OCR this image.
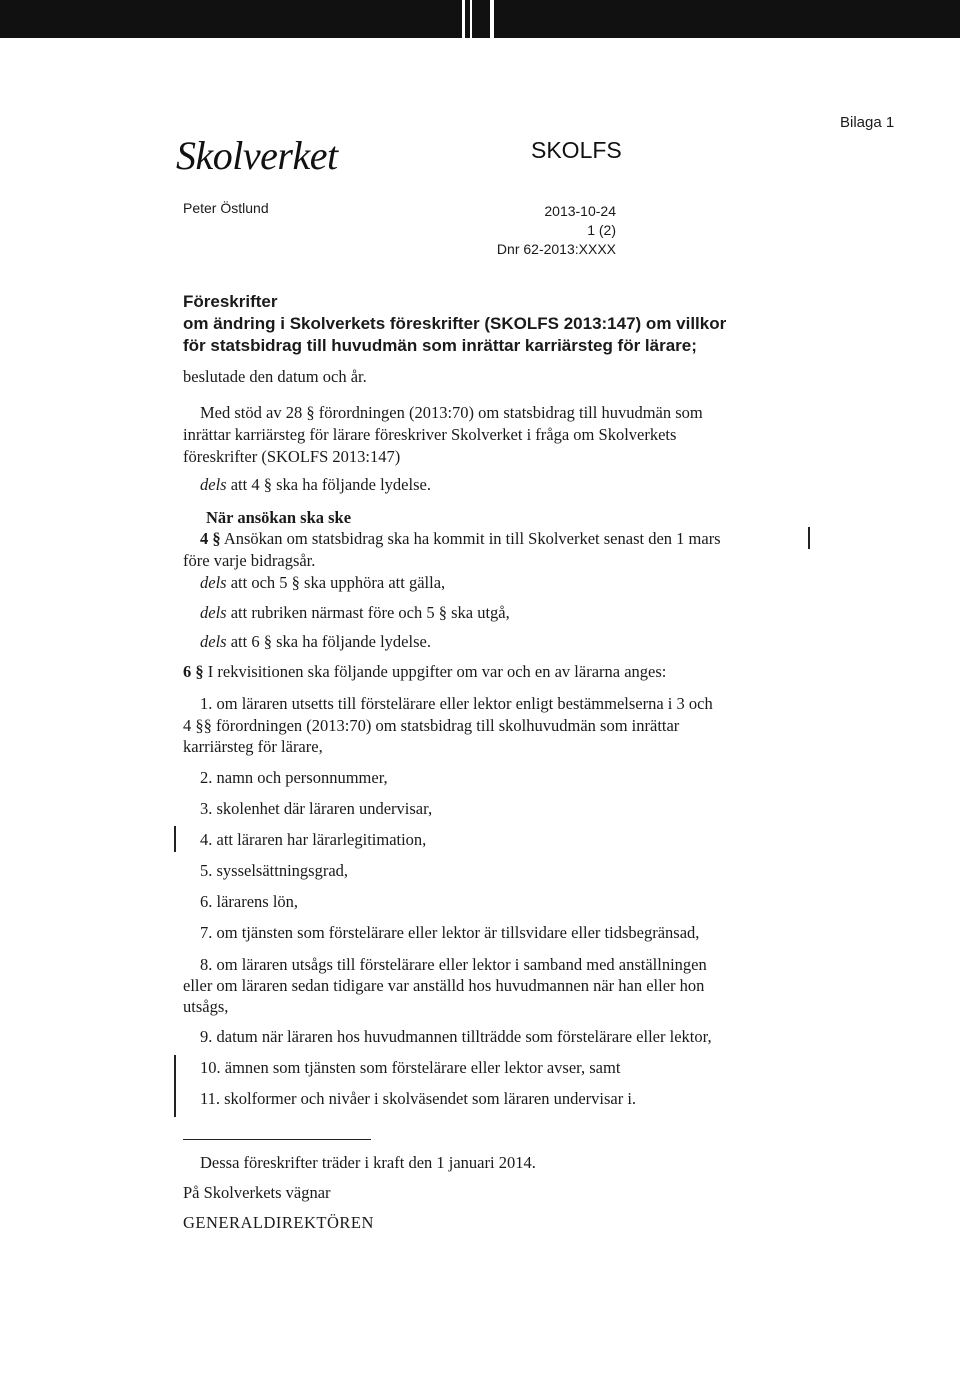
Skolverket	SKOLFS
Bilaga 1
Peter Östlund	2013-10-24
1 (2)
Dnr 62-2013:XXXX
Föreskrifter
om ändring i Skolverkets föreskrifter (SKOLFS 2013:147) om villkor
för statsbidrag till huvudmän som inrättar karriärsteg för lärare;
beslutade den datum och år.
Med stöd av 28 § förordningen (2013:70) om statsbidrag till huvudmän som
inrättar karriärsteg för lärare föreskriver Skolverket i fråga om Skolverkets
föreskrifter (SKOLFS 2013:147)
dels att 4 § ska ha följande lydelse.
När ansökan ska ske
4 § Ansökan om statsbidrag ska ha kommit in till Skolverket senast den 1 mars
före varje bidragsår.
dels att och 5 § ska upphöra att gälla,
dels att rubriken närmast före och 5 § ska utgå,
dels att 6 § ska ha följande lydelse.
6 § I rekvisitionen ska följande uppgifter om var och en av lärarna anges:
1. om läraren utsetts till förstelärare eller lektor enligt bestämmelserna i 3 och
4 §§ förordningen (2013:70) om statsbidrag till skolhuvudmän som inrättar
karriärsteg för lärare,
2. namn och personnummer,
3. skolenhet där läraren undervisar,
4. att läraren har lärarlegitimation,
5. sysselsättningsgrad,
6. lärarens lön,
7. om tjänsten som förstelärare eller lektor är tillsvidare eller tidsbegränsad,
8. om läraren utsågs till förstelärare eller lektor i samband med anställningen
eller om läraren sedan tidigare var anställd hos huvudmannen när han eller hon
utsågs,
9. datum när läraren hos huvudmannen tillträdde som förstelärare eller lektor,
10. ämnen som tjänsten som förstelärare eller lektor avser, samt
11. skolformer och nivåer i skolväsendet som läraren undervisar i.
Dessa föreskrifter träder i kraft den 1 januari 2014.
På Skolverkets vägnar
GENERALDIREKTÖREN
